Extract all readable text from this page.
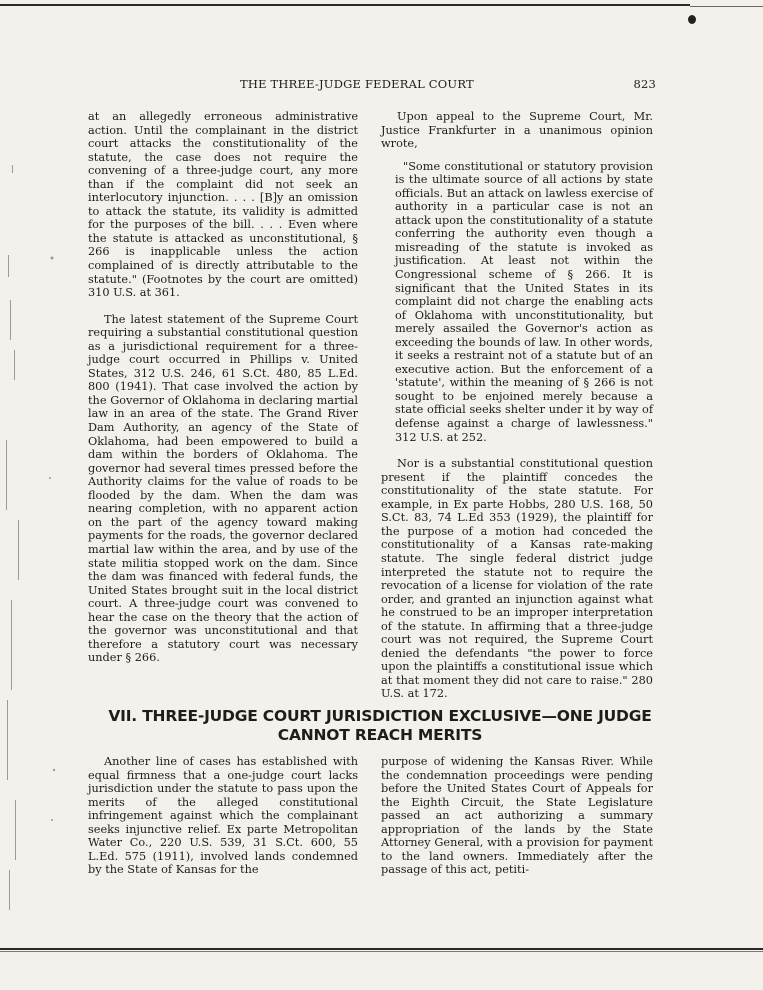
THE THREE-JUDGE FEDERAL COURT	823

at an allegedly erroneous administrative action. Until the complainant in the district court attacks the constitutionality of the statute, the case does not require the convening of a three-judge court, any more than if the complaint did not seek an interlocutory injunction. . . . [B]y an omission to attack the statute, its validity is admitted for the purposes of the bill. . . . Even where the statute is attacked as unconstitutional, § 266 is inapplicable unless the action complained of is directly attributable to the statute." (Footnotes by the court are omitted) 310 U.S. at 361.

The latest statement of the Supreme Court requiring a substantial constitutional question as a jurisdictional requirement for a three-judge court occurred in Phillips v. United States, 312 U.S. 246, 61 S.Ct. 480, 85 L.Ed. 800 (1941). That case involved the action by the Governor of Oklahoma in declaring martial law in an area of the state. The Grand River Dam Authority, an agency of the State of Oklahoma, had been empowered to build a dam within the borders of Oklahoma. The governor had several times pressed before the Authority claims for the value of roads to be flooded by the dam. When the dam was nearing completion, with no apparent action on the part of the agency toward making payments for the roads, the governor declared martial law within the area, and by use of the state militia stopped work on the dam. Since the dam was financed with federal funds, the United States brought suit in the local district court. A three-judge court was convened to hear the case on the theory that the action of the governor was unconstitutional and that therefore a statutory court was necessary under § 266.

Upon appeal to the Supreme Court, Mr. Justice Frankfurter in a unanimous opinion wrote,

"Some constitutional or statutory provision is the ultimate source of all actions by state officials. But an attack on lawless exercise of authority in a particular case is not an attack upon the constitutionality of a statute conferring the authority even though a misreading of the statute is invoked as justification. At least not within the Congressional scheme of § 266. It is significant that the United States in its complaint did not charge the enabling acts of Oklahoma with unconstitutionality, but merely assailed the Governor's action as exceeding the bounds of law. In other words, it seeks a restraint not of a statute but of an executive action. But the enforcement of a 'statute', within the meaning of § 266 is not sought to be enjoined merely because a state official seeks shelter under it by way of defense against a charge of lawlessness." 312 U.S. at 252.

Nor is a substantial constitutional question present if the plaintiff concedes the constitutionality of the state statute. For example, in Ex parte Hobbs, 280 U.S. 168, 50 S.Ct. 83, 74 L.Ed 353 (1929), the plaintiff for the purpose of a motion had conceded the constitutionality of a Kansas rate-making statute. The single federal district judge interpreted the statute not to require the revocation of a license for violation of the rate order, and granted an injunction against what he construed to be an improper interpretation of the statute. In affirming that a three-judge court was not required, the Supreme Court denied the defendants "the power to force upon the plaintiffs a constitutional issue which at that moment they did not care to raise." 280 U.S. at 172.

VII. THREE-JUDGE COURT JURISDICTION EXCLUSIVE—ONE JUDGE
CANNOT REACH MERITS

Another line of cases has established with equal firmness that a one-judge court lacks jurisdiction under the statute to pass upon the merits of the alleged constitutional infringement against which the complainant seeks injunctive relief. Ex parte Metropolitan Water Co., 220 U.S. 539, 31 S.Ct. 600, 55 L.Ed. 575 (1911), involved lands condemned by the State of Kansas for the

purpose of widening the Kansas River. While the condemnation proceedings were pending before the United States Court of Appeals for the Eighth Circuit, the State Legislature passed an act authorizing a summary appropriation of the lands by the State Attorney General, with a provision for payment to the land owners. Immediately after the passage of this act, petiti-
